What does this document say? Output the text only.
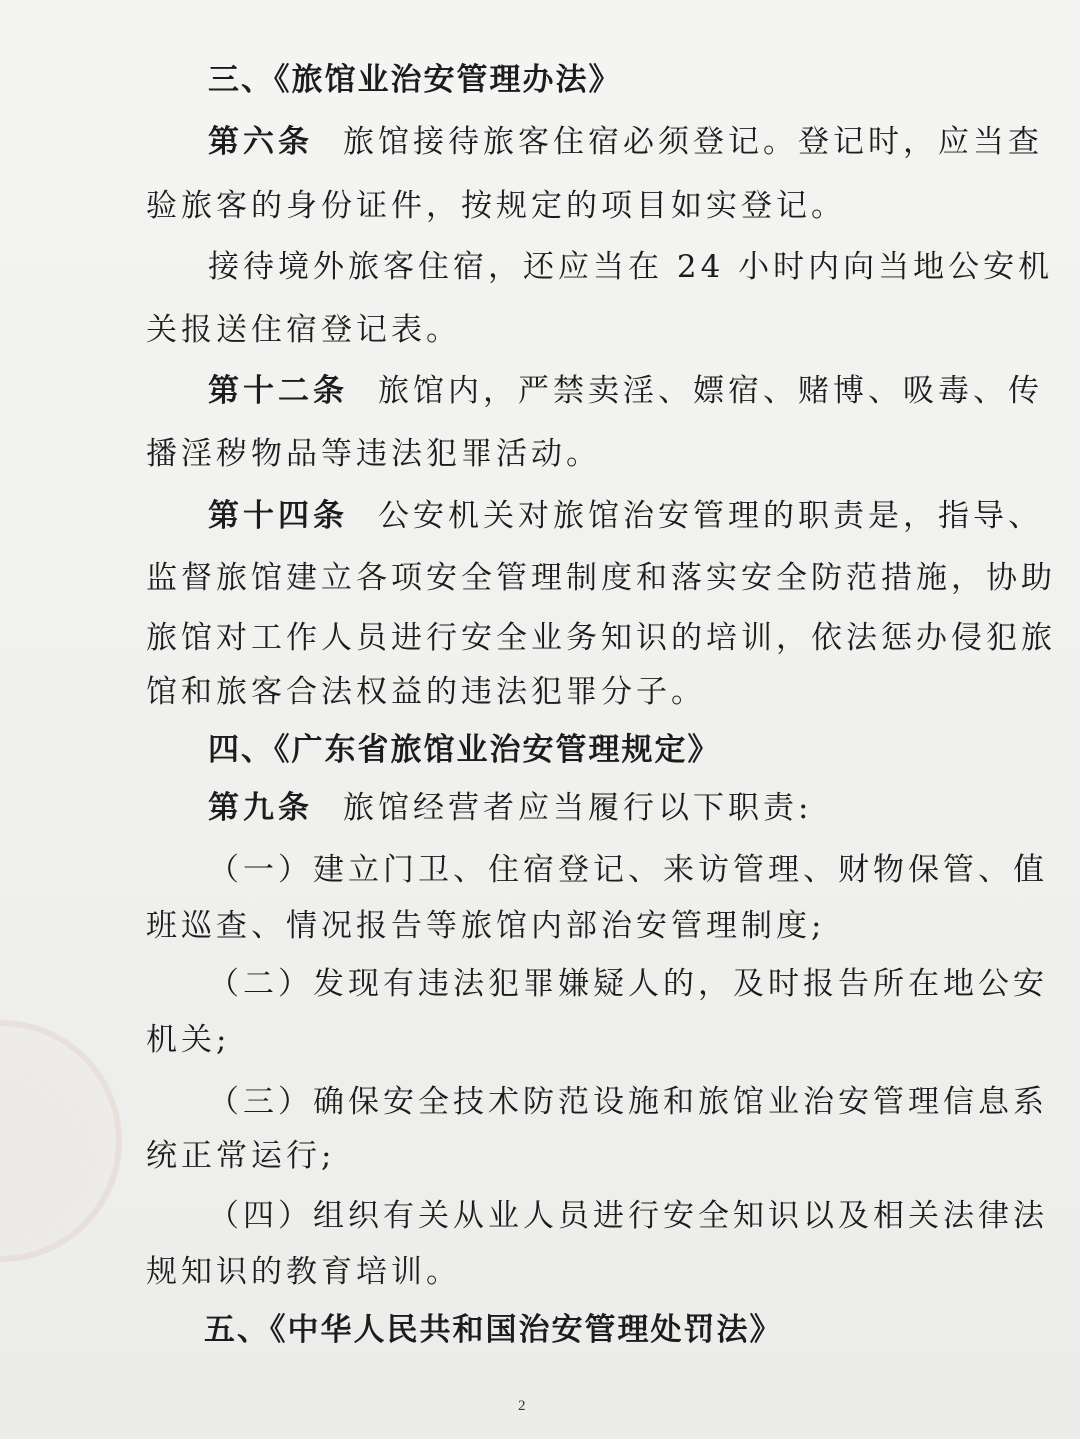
三、《旅馆业治安管理办法》
第六条 旅馆接待旅客住宿必须登记。登记时，应当查
验旅客的身份证件，按规定的项目如实登记。
接待境外旅客住宿，还应当在 24 小时内向当地公安机
关报送住宿登记表。
第十二条 旅馆内，严禁卖淫、嫖宿、赌博、吸毒、传
播淫秽物品等违法犯罪活动。
第十四条 公安机关对旅馆治安管理的职责是，指导、
监督旅馆建立各项安全管理制度和落实安全防范措施，协助
旅馆对工作人员进行安全业务知识的培训，依法惩办侵犯旅
馆和旅客合法权益的违法犯罪分子。
四、《广东省旅馆业治安管理规定》
第九条 旅馆经营者应当履行以下职责:
（一）建立门卫、住宿登记、来访管理、财物保管、值
班巡查、情况报告等旅馆内部治安管理制度;
（二）发现有违法犯罪嫌疑人的，及时报告所在地公安
机关;
（三）确保安全技术防范设施和旅馆业治安管理信息系
统正常运行;
（四）组织有关从业人员进行安全知识以及相关法律法
规知识的教育培训。
五、《中华人民共和国治安管理处罚法》
2
